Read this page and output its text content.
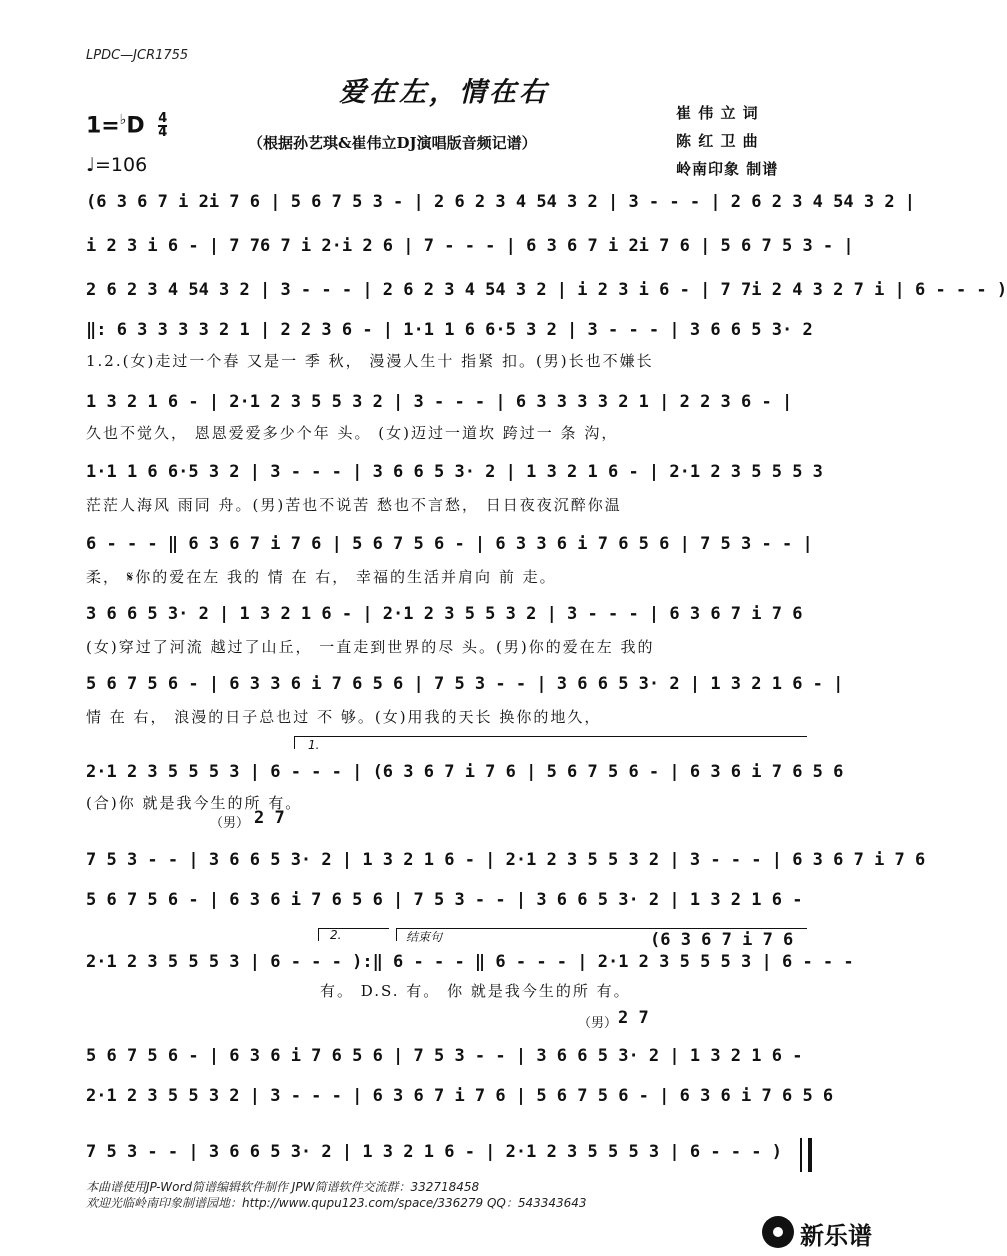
LPDC—JCR1755
爱在左，情在右
（根据孙艺琪&崔伟立DJ演唱版音频记谱）
崔 伟 立 词
陈 红 卫 曲
岭南印象 制谱
$1=^♭D \frac{4}{4}$
♩=106
(6 3 6 7 i 2i 7 6 | 5 6 7 5 3 - | 2 6 2 3 4 54 3 2 | 3 - - - | 2 6 2 3 4 54 3 2 |
i 2 3 i 6 - | 7 76 7 i 2·i 2 6 | 7 - - - | 6 3 6 7 i 2i 7 6 | 5 6 7 5 3 - |
2 6 2 3 4 54 3 2 | 3 - - - | 2 6 2 3 4 54 3 2 | i 2 3 i 6 - | 7 7i 2 4 3 2 7 i | 6 - - - )
‖: 6 3 3 3 3 2 1 | 2 2 3 6 - | 1·1 1 6 6·5 3 2 | 3 - - - | 3 6 6 5 3· 2
1.2.(女)走过一个春 又是一 季 秋， 漫漫人生十 指紧 扣。(男)长也不嫌长
1 3 2 1 6 - | 2·1 2 3 5 5 3 2 | 3 - - - | 6 3 3 3 3 2 1 | 2 2 3 6 - |
久也不觉久， 恩恩爱爱多少个年 头。 (女)迈过一道坎 跨过一 条 沟，
1·1 1 6 6·5 3 2 | 3 - - - | 3 6 6 5 3· 2 | 1 3 2 1 6 - | 2·1 2 3 5 5 5 3
茫茫人海风 雨同 舟。(男)苦也不说苦 愁也不言愁， 日日夜夜沉醉你温
6 - - - ‖ 6 3 6 7 i 7 6 | 5 6 7 5 6 - | 6 3 3 6 i 7 6 5 6 | 7 5 3 - - |
柔， 𝄋你的爱在左 我的 情 在 右， 幸福的生活并肩向 前 走。
3 6 6 5 3· 2 | 1 3 2 1 6 - | 2·1 2 3 5 5 3 2 | 3 - - - | 6 3 6 7 i 7 6
(女)穿过了河流 越过了山丘， 一直走到世界的尽 头。(男)你的爱在左 我的
5 6 7 5 6 - | 6 3 3 6 i 7 6 5 6 | 7 5 3 - - | 3 6 6 5 3· 2 | 1 3 2 1 6 - |
情 在 右， 浪漫的日子总也过 不 够。(女)用我的天长 换你的地久，
1.
2·1 2 3 5 5 5 3 | 6 - - - | (6 3 6 7 i 7 6 | 5 6 7 5 6 - | 6 3 6 i 7 6 5 6
(合)你 就是我今生的所 有。
（男） 2 7
7 5 3 - - | 3 6 6 5 3· 2 | 1 3 2 1 6 - | 2·1 2 3 5 5 3 2 | 3 - - - | 6 3 6 7 i 7 6
5 6 7 5 6 - | 6 3 6 i 7 6 5 6 | 7 5 3 - - | 3 6 6 5 3· 2 | 1 3 2 1 6 -
2.	结束句
2·1 2 3 5 5 5 3 | 6 - - - ):‖ 6 - - - ‖ 6 - - - | 2·1 2 3 5 5 5 3 | 6 - - -
(6 3 6 7 i 7 6
有。 D.S. 有。 你 就是我今生的所 有。
（男） 2 7
5 6 7 5 6 - | 6 3 6 i 7 6 5 6 | 7 5 3 - - | 3 6 6 5 3· 2 | 1 3 2 1 6 -
2·1 2 3 5 5 3 2 | 3 - - - | 6 3 6 7 i 7 6 | 5 6 7 5 6 - | 6 3 6 i 7 6 5 6
7 5 3 - - | 3 6 6 5 3· 2 | 1 3 2 1 6 - | 2·1 2 3 5 5 5 3 | 6 - - - )
本曲谱使用JP-Word简谱编辑软件制作 JPW简谱软件交流群：332718458
欢迎光临岭南印象制谱园地：http://www.qupu123.com/space/336279 QQ：543343643
新乐谱
